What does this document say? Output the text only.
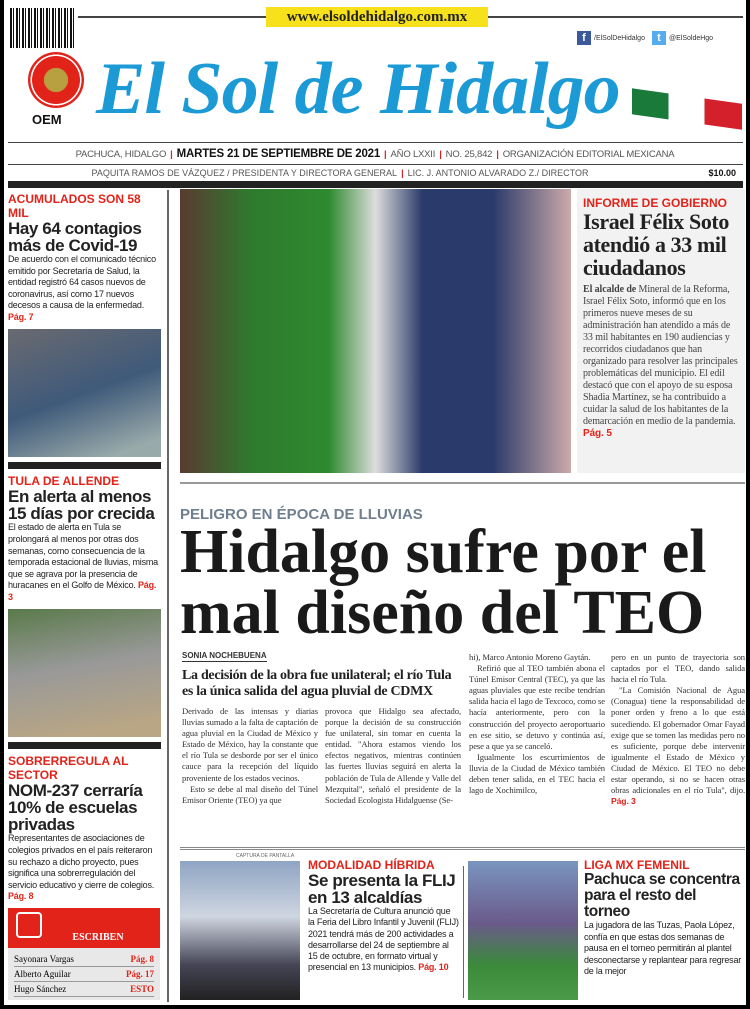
www.elsoldehidalgo.com.mx
OEM El Sol de Hidalgo
f	/ElSolDeHidalgo	t	@ElSoldeHgo
PACHUCA, HIDALGO | MARTES 21 DE SEPTIEMBRE DE 2021 | AÑO LXXII | NO. 25,842 | ORGANIZACIÓN EDITORIAL MEXICANA
PAQUITA RAMOS DE VÁZQUEZ / PRESIDENTA Y DIRECTORA GENERAL | LIC. J. ANTONIO ALVARADO Z./ DIRECTOR	$10.00
ACUMULADOS SON 58 MIL
Hay 64 contagios más de Covid-19
De acuerdo con el comunicado técnico emitido por Secretaría de Salud, la entidad registró 64 casos nuevos de coronavirus, así como 17 nuevos decesos a causa de la enfermedad. Pág. 7
TULA DE ALLENDE
En alerta al menos 15 días por crecida
El estado de alerta en Tula se prolongará al menos por otras dos semanas, como consecuencia de la temporada estacional de lluvias, misma que se agrava por la presencia de huracanes en el Golfo de México. Pág. 3
SOBRERREGULA AL SECTOR
NOM-237 cerraría 10% de escuelas privadas
Representantes de asociaciones de colegios privados en el país reiteraron su rechazo a dicho proyecto, pues significa una sobrerregulación del servicio educativo y cierre de colegios. Pág. 8
ESCRIBEN
Sayonara Vargas	Pág. 8
Alberto Aguilar	Pág. 17
Hugo Sánchez	ESTO
INFORME DE GOBIERNO
Israel Félix Soto atendió a 33 mil ciudadanos
El alcalde de Mineral de la Reforma, Israel Félix Soto, informó que en los primeros nueve meses de su administración han atendido a más de 33 mil habitantes en 190 audiencias y recorridos ciudadanos que han organizado para resolver las principales problemáticas del municipio. El edil destacó que con el apoyo de su esposa Shadia Martínez, se ha contribuido a cuidar la salud de los habitantes de la demarcación en medio de la pandemia. Pág. 5
PELIGRO EN ÉPOCA DE LLUVIAS
Hidalgo sufre por el
mal diseño del TEO
SONIA NOCHEBUENA
La decisión de la obra fue unilateral; el río Tula es la única salida del agua pluvial de CDMX

Derivado de las intensas y diarias lluvias sumado a la falta de captación de agua pluvial en la Ciudad de México y Estado de México, hay la constante que el río Tula se desborde por ser el único cauce para la recepción del líquido proveniente de los estados vecinos.

Esto se debe al mal diseño del Túnel Emisor Oriente (TEO) ya que

provoca que Hidalgo sea afectado, porque la decisión de su construcción fue unilateral, sin tomar en cuenta la entidad. "Ahora estamos viendo los efectos negativos, mientras continúen las fuertes lluvias seguirá en alerta la población de Tula de Allende y Valle del Mezquital", señaló el presidente de la Sociedad Ecologista Hidalguense (Se-

hi), Marco Antonio Moreno Gaytán.

Refirió que al TEO también abona el Túnel Emisor Central (TEC), ya que las aguas pluviales que este recibe tendrían salida hacia el lago de Texcoco, como se hacía anteriormente, pero con la construcción del proyecto aeroportuario en ese sitio, se detuvo y continúa así, pese a que ya se canceló.

Igualmente los escurrimientos de lluvia de la Ciudad de México también deben tener salida, en el TEC hacia el lago de Xochimilco,

pero en un punto de trayectoria son captados por el TEO, dando salida hacia el río Tula.

"La Comisión Nacional de Agua (Conagua) tiene la responsabilidad de poner orden y freno a lo que está sucediendo. El gobernador Omar Fayad exige que se tomen las medidas pero no es suficiente, porque debe intervenir igualmente el Estado de México y Ciudad de México. El TEO no debe estar operando, si no se hacen otras obras adicionales en el río Tula", dijo. Pág. 3

CAPTURA DE PANTALLA
MODALIDAD HÍBRIDA
Se presenta la FLIJ en 13 alcaldías
La Secretaría de Cultura anunció que la Feria del Libro Infantil y Juvenil (FLIJ) 2021 tendrá más de 200 actividades a desarrollarse del 24 de septiembre al 15 de octubre, en formato virtual y presencial en 13 municipios. Pág. 10
LIGA MX FEMENIL
Pachuca se concentra para el resto del torneo
La jugadora de las Tuzas, Paola López, confía en que estas dos semanas de pausa en el torneo permitirán al plantel desconectarse y replantear para regresar de la mejor
